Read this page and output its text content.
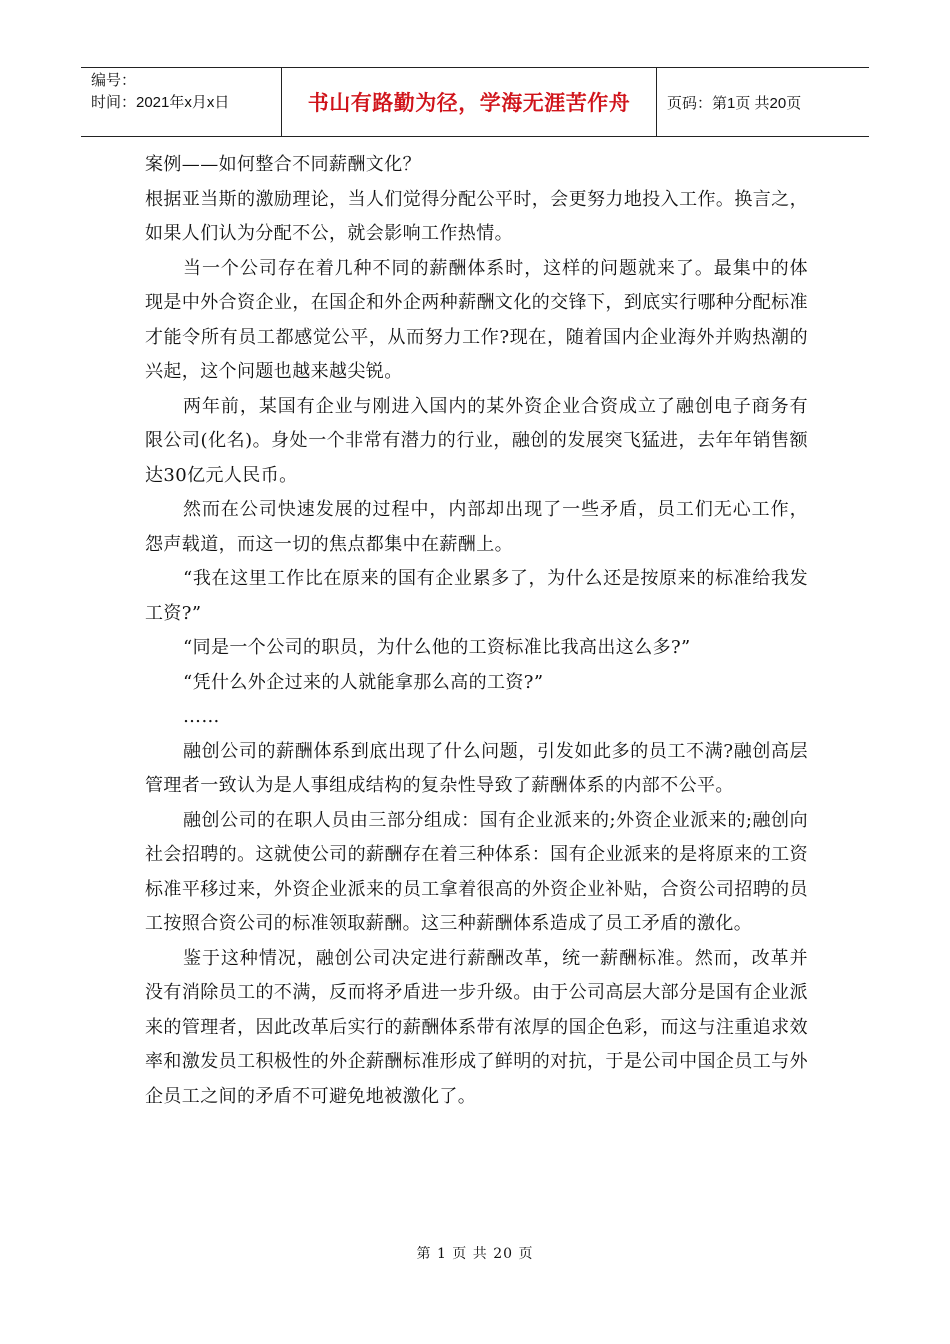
编号：
时间：2021年x月x日	书山有路勤为径，学海无涯苦作舟	页码：第1页 共20页

案例——如何整合不同薪酬文化？

根据亚当斯的激励理论，当人们觉得分配公平时，会更努力地投入工作。换言之，如果人们认为分配不公，就会影响工作热情。

当一个公司存在着几种不同的薪酬体系时，这样的问题就来了。最集中的体现是中外合资企业，在国企和外企两种薪酬文化的交锋下，到底实行哪种分配标准才能令所有员工都感觉公平，从而努力工作?现在，随着国内企业海外并购热潮的兴起，这个问题也越来越尖锐。

两年前，某国有企业与刚进入国内的某外资企业合资成立了融创电子商务有限公司(化名)。身处一个非常有潜力的行业，融创的发展突飞猛进，去年年销售额达30亿元人民币。

然而在公司快速发展的过程中，内部却出现了一些矛盾，员工们无心工作，怨声载道，而这一切的焦点都集中在薪酬上。

“我在这里工作比在原来的国有企业累多了，为什么还是按原来的标准给我发工资?”

“同是一个公司的职员，为什么他的工资标准比我高出这么多?”

“凭什么外企过来的人就能拿那么高的工资?”

……

融创公司的薪酬体系到底出现了什么问题，引发如此多的员工不满?融创高层管理者一致认为是人事组成结构的复杂性导致了薪酬体系的内部不公平。

融创公司的在职人员由三部分组成：国有企业派来的;外资企业派来的;融创向社会招聘的。这就使公司的薪酬存在着三种体系：国有企业派来的是将原来的工资标准平移过来，外资企业派来的员工拿着很高的外资企业补贴，合资公司招聘的员工按照合资公司的标准领取薪酬。这三种薪酬体系造成了员工矛盾的激化。

鉴于这种情况，融创公司决定进行薪酬改革，统一薪酬标准。然而，改革并没有消除员工的不满，反而将矛盾进一步升级。由于公司高层大部分是国有企业派来的管理者，因此改革后实行的薪酬体系带有浓厚的国企色彩，而这与注重追求效率和激发员工积极性的外企薪酬标准形成了鲜明的对抗，于是公司中国企员工与外企员工之间的矛盾不可避免地被激化了。

第 1 页 共 20 页
